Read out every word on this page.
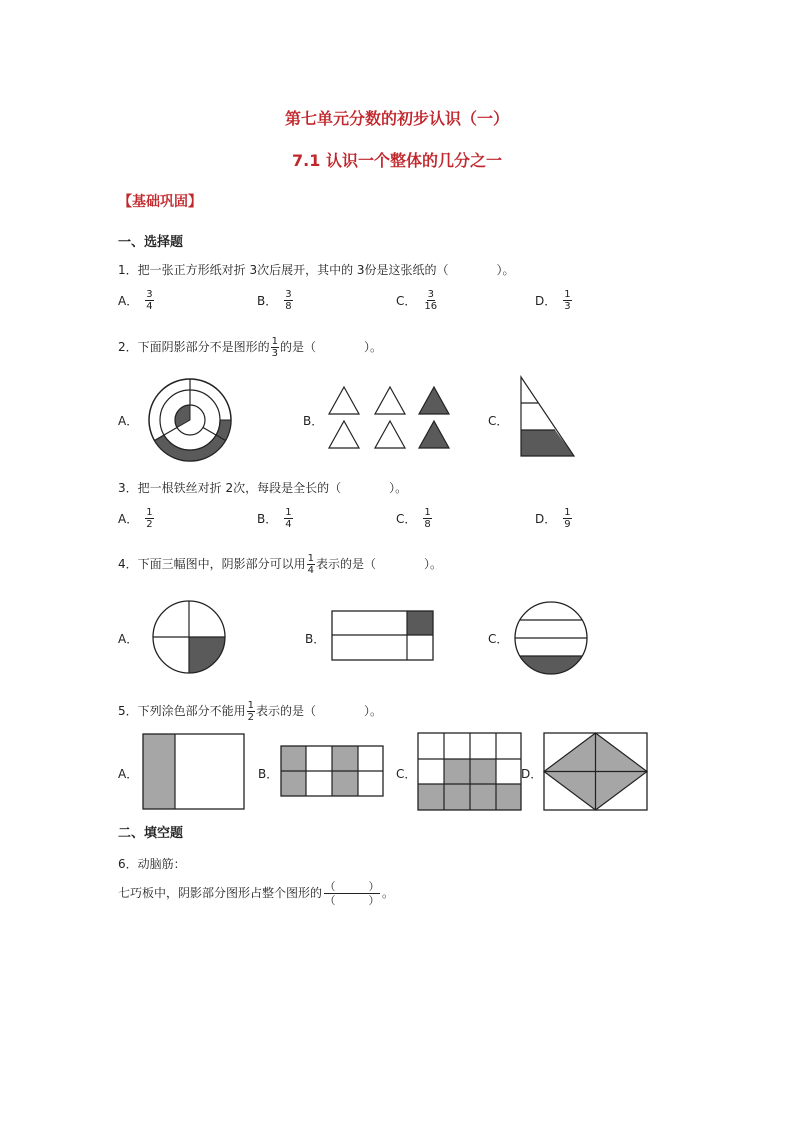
第七单元分数的初步认识（一）
7.1 认识一个整体的几分之一
【基础巩固】
一、选择题
1．把一张正方形纸对折 3次后展开，其中的 3份是这张纸的（　　　　）。
A． $\frac{3}{4}$	B． $\frac{3}{8}$	C． $\frac{3}{16}$	D． $\frac{1}{3}$
2．下面阴影部分不是图形的 $\frac{1}{3}$ 的是（　　　　）。
A．	B．	C．
3．把一根铁丝对折 2次，每段是全长的（　　　　）。
A． $\frac{1}{2}$	B． $\frac{1}{4}$	C． $\frac{1}{8}$	D． $\frac{1}{9}$
4．下面三幅图中，阴影部分可以用 $\frac{1}{4}$ 表示的是（　　　　）。
A．	B．	C．
5．下列涂色部分不能用 $\frac{1}{2}$ 表示的是（　　　　）。
A．	B．	C．	D．
二、填空题
6．动脑筋：
七巧板中，阴影部分图形占整个图形的 $\frac{( )}{( )}$ 。
